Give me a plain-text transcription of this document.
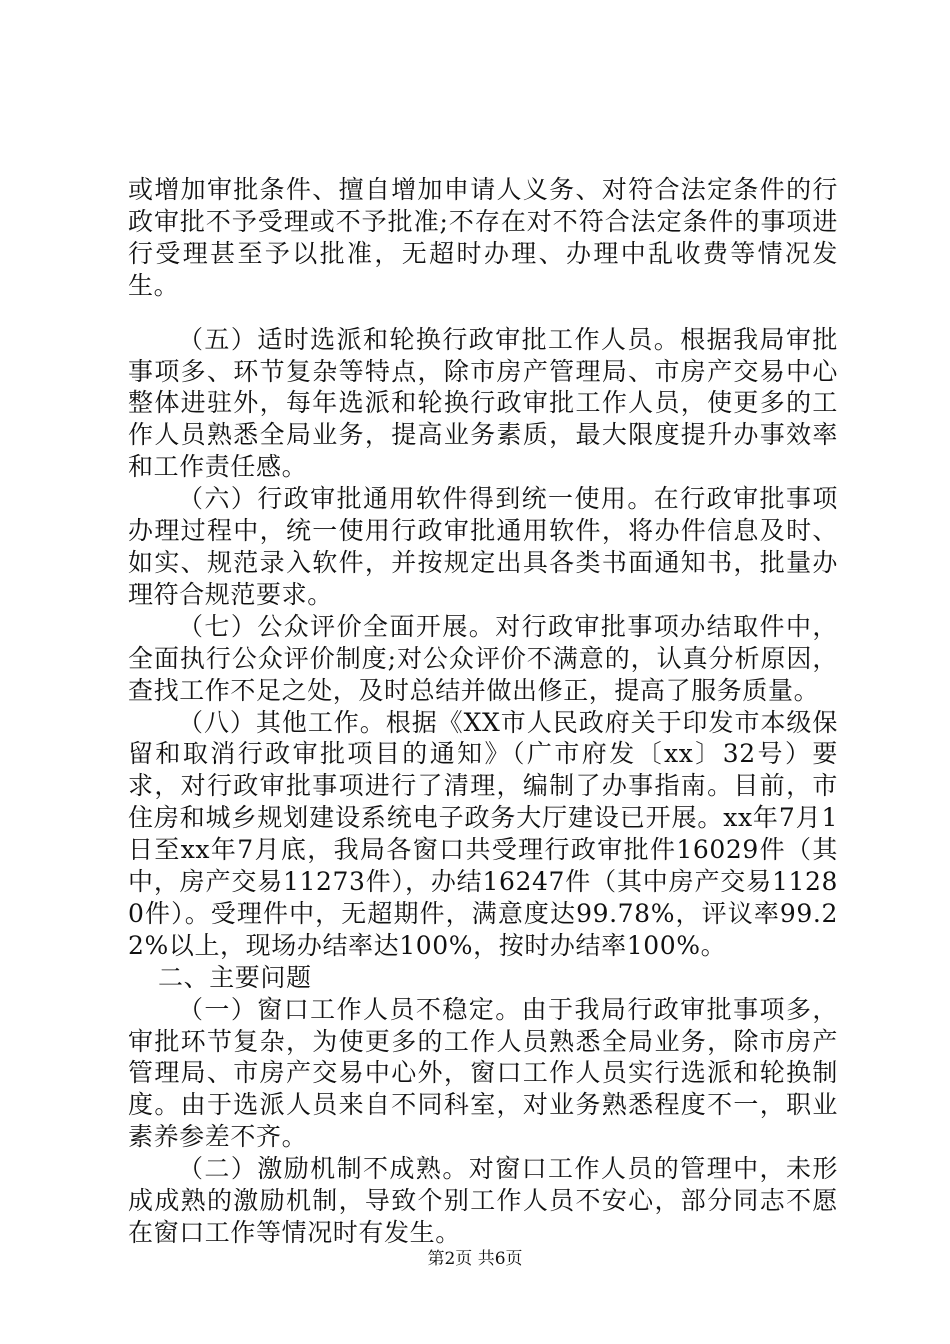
或增加审批条件、擅自增加申请人义务、对符合法定条件的行政审批不予受理或不予批准;不存在对不符合法定条件的事项进行受理甚至予以批准，无超时办理、办理中乱收费等情况发生。

（五）适时选派和轮换行政审批工作人员。根据我局审批事项多、环节复杂等特点，除市房产管理局、市房产交易中心整体进驻外，每年选派和轮换行政审批工作人员，使更多的工作人员熟悉全局业务，提高业务素质，最大限度提升办事效率和工作责任感。

（六）行政审批通用软件得到统一使用。在行政审批事项办理过程中，统一使用行政审批通用软件，将办件信息及时、如实、规范录入软件，并按规定出具各类书面通知书，批量办理符合规范要求。

（七）公众评价全面开展。对行政审批事项办结取件中，全面执行公众评价制度;对公众评价不满意的，认真分析原因，查找工作不足之处，及时总结并做出修正，提高了服务质量。

（八）其他工作。根据《XX市人民政府关于印发市本级保留和取消行政审批项目的通知》（广市府发〔xx〕32号）要求，对行政审批事项进行了清理，编制了办事指南。目前，市住房和城乡规划建设系统电子政务大厅建设已开展。xx年7月1日至xx年7月底，我局各窗口共受理行政审批件16029件（其中，房产交易11273件），办结16247件（其中房产交易11280件）。受理件中，无超期件，满意度达99.78%，评议率99.22%以上，现场办结率达100%，按时办结率100%。

二、主要问题

（一）窗口工作人员不稳定。由于我局行政审批事项多，审批环节复杂，为使更多的工作人员熟悉全局业务，除市房产管理局、市房产交易中心外，窗口工作人员实行选派和轮换制度。由于选派人员来自不同科室，对业务熟悉程度不一，职业素养参差不齐。

（二）激励机制不成熟。对窗口工作人员的管理中，未形成成熟的激励机制，导致个别工作人员不安心，部分同志不愿在窗口工作等情况时有发生。

第2页 共6页
